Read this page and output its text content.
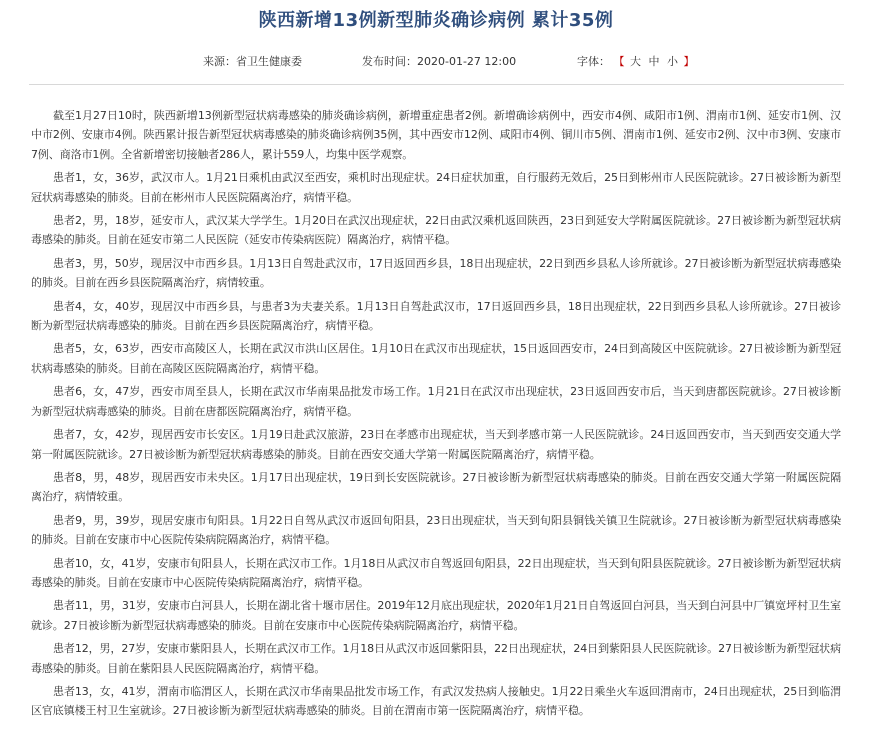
陕西新增13例新型肺炎确诊病例 累计35例
来源：省卫生健康委	发布时间：2020-01-27 12:00	字体： 【 大 中 小 】

截至1月27日10时，陕西新增13例新型冠状病毒感染的肺炎确诊病例，新增重症患者2例。新增确诊病例中，西安市4例、咸阳市1例、渭南市1例、延安市1例、汉中市2例、安康市4例。陕西累计报告新型冠状病毒感染的肺炎确诊病例35例，其中西安市12例、咸阳市4例、铜川市5例、渭南市1例、延安市2例、汉中市3例、安康市7例、商洛市1例。全省新增密切接触者286人，累计559人，均集中医学观察。

患者1，女，36岁，武汉市人。1月21日乘机由武汉至西安，乘机时出现症状。24日症状加重，自行服药无效后，25日到彬州市人民医院就诊。27日被诊断为新型冠状病毒感染的肺炎。目前在彬州市人民医院隔离治疗，病情平稳。

患者2，男，18岁，延安市人，武汉某大学学生。1月20日在武汉出现症状，22日由武汉乘机返回陕西，23日到延安大学附属医院就诊。27日被诊断为新型冠状病毒感染的肺炎。目前在延安市第二人民医院（延安市传染病医院）隔离治疗，病情平稳。

患者3，男，50岁，现居汉中市西乡县。1月13日自驾赴武汉市，17日返回西乡县，18日出现症状，22日到西乡县私人诊所就诊。27日被诊断为新型冠状病毒感染的肺炎。目前在西乡县医院隔离治疗，病情较重。

患者4，女，40岁，现居汉中市西乡县，与患者3为夫妻关系。1月13日自驾赴武汉市，17日返回西乡县，18日出现症状，22日到西乡县私人诊所就诊。27日被诊断为新型冠状病毒感染的肺炎。目前在西乡县医院隔离治疗，病情平稳。

患者5，女，63岁，西安市高陵区人，长期在武汉市洪山区居住。1月10日在武汉市出现症状，15日返回西安市，24日到高陵区中医院就诊。27日被诊断为新型冠状病毒感染的肺炎。目前在高陵区医院隔离治疗，病情平稳。

患者6，女，47岁，西安市周至县人，长期在武汉市华南果品批发市场工作。1月21日在武汉市出现症状，23日返回西安市后，当天到唐都医院就诊。27日被诊断为新型冠状病毒感染的肺炎。目前在唐都医院隔离治疗，病情平稳。

患者7，女，42岁，现居西安市长安区。1月19日赴武汉旅游，23日在孝感市出现症状，当天到孝感市第一人民医院就诊。24日返回西安市，当天到西安交通大学第一附属医院就诊。27日被诊断为新型冠状病毒感染的肺炎。目前在西安交通大学第一附属医院隔离治疗，病情平稳。

患者8，男，48岁，现居西安市未央区。1月17日出现症状，19日到长安医院就诊。27日被诊断为新型冠状病毒感染的肺炎。目前在西安交通大学第一附属医院隔离治疗，病情较重。

患者9，男，39岁，现居安康市旬阳县。1月22日自驾从武汉市返回旬阳县，23日出现症状，当天到旬阳县铜钱关镇卫生院就诊。27日被诊断为新型冠状病毒感染的肺炎。目前在安康市中心医院传染病院隔离治疗，病情平稳。

患者10，女，41岁，安康市旬阳县人，长期在武汉市工作。1月18日从武汉市自驾返回旬阳县，22日出现症状，当天到旬阳县医院就诊。27日被诊断为新型冠状病毒感染的肺炎。目前在安康市中心医院传染病院隔离治疗，病情平稳。

患者11，男，31岁，安康市白河县人，长期在湖北省十堰市居住。2019年12月底出现症状，2020年1月21日自驾返回白河县，当天到白河县中厂镇宽坪村卫生室就诊。27日被诊断为新型冠状病毒感染的肺炎。目前在安康市中心医院传染病院隔离治疗，病情平稳。

患者12，男，27岁，安康市紫阳县人，长期在武汉市工作。1月18日从武汉市返回紫阳县，22日出现症状，24日到紫阳县人民医院就诊。27日被诊断为新型冠状病毒感染的肺炎。目前在紫阳县人民医院隔离治疗，病情平稳。

患者13，女，41岁，渭南市临渭区人，长期在武汉市华南果品批发市场工作，有武汉发热病人接触史。1月22日乘坐火车返回渭南市，24日出现症状，25日到临渭区官底镇楼王村卫生室就诊。27日被诊断为新型冠状病毒感染的肺炎。目前在渭南市第一医院隔离治疗，病情平稳。
